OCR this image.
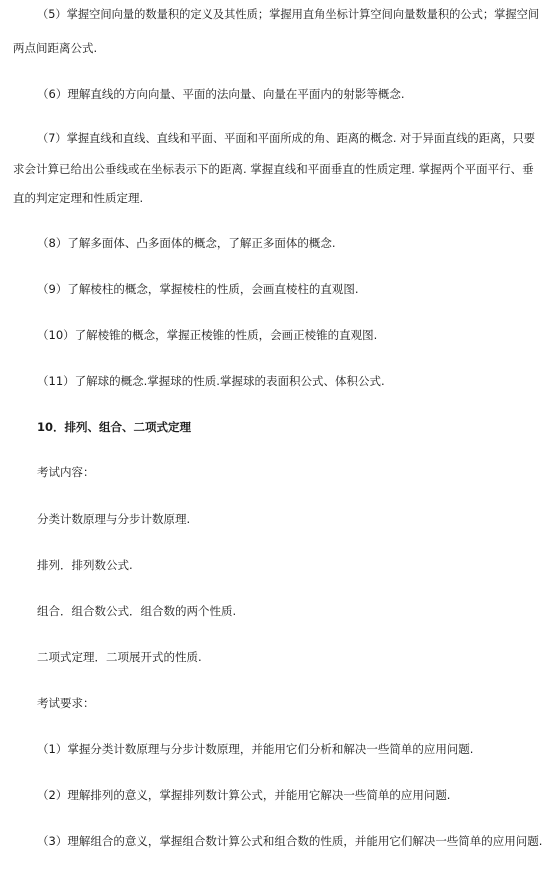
（5）掌握空间向量的数量积的定义及其性质；掌握用直角坐标计算空间向量数量积的公式；掌握空间
两点间距离公式.
（6）理解直线的方向向量、平面的法向量、向量在平面内的射影等概念.
（7）掌握直线和直线、直线和平面、平面和平面所成的角、距离的概念. 对于异面直线的距离，只要
求会计算已给出公垂线或在坐标表示下的距离. 掌握直线和平面垂直的性质定理. 掌握两个平面平行、垂
直的判定定理和性质定理.
（8）了解多面体、凸多面体的概念，了解正多面体的概念.
（9）了解棱柱的概念，掌握棱柱的性质，会画直棱柱的直观图.
（10）了解棱锥的概念，掌握正棱锥的性质，会画正棱锥的直观图.
（11）了解球的概念.掌握球的性质.掌握球的表面积公式、体积公式.
10．排列、组合、二项式定理
考试内容：
分类计数原理与分步计数原理.
排列．排列数公式.
组合．组合数公式．组合数的两个性质.
二项式定理．二项展开式的性质.
考试要求：
（1）掌握分类计数原理与分步计数原理，并能用它们分析和解决一些简单的应用问题.
（2）理解排列的意义，掌握排列数计算公式，并能用它解决一些简单的应用问题.
（3）理解组合的意义，掌握组合数计算公式和组合数的性质，并能用它们解决一些简单的应用问题.
